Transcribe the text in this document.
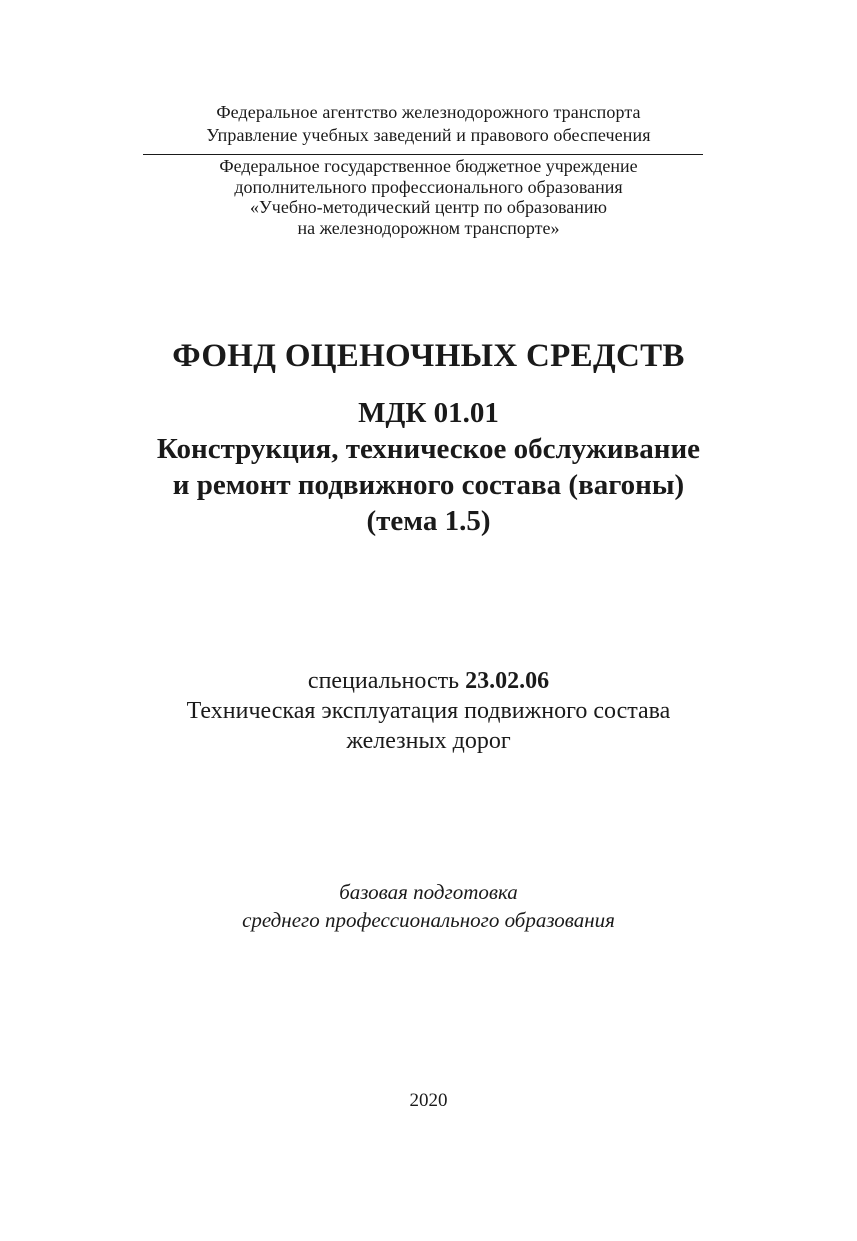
Федеральное агентство железнодорожного транспорта
Управление учебных заведений и правового обеспечения
Федеральное государственное бюджетное учреждение
дополнительного профессионального образования
«Учебно-методический центр по образованию
на железнодорожном транспорте»
ФОНД ОЦЕНОЧНЫХ СРЕДСТВ
МДК 01.01
Конструкция, техническое обслуживание
и ремонт подвижного состава (вагоны)
(тема 1.5)
специальность 23.02.06
Техническая эксплуатация подвижного состава
железных дорог
базовая подготовка
среднего профессионального образования
2020
